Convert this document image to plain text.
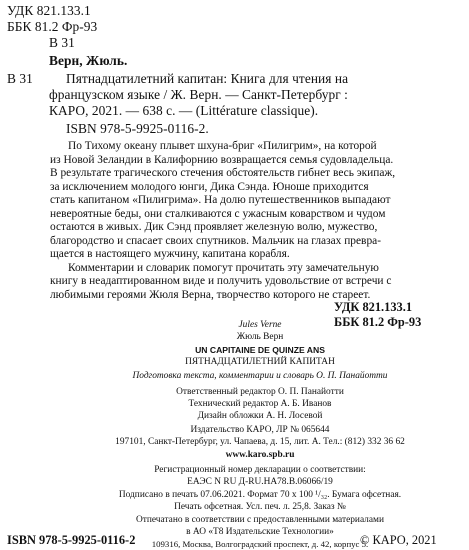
УДК 821.133.1
ББК 81.2 Фр-93
В 31
Верн, Жюль.
В 31 Пятнадцатилетний капитан: Книга для чтения на
французском языке / Ж. Верн. — Санкт-Петербург :
КАРО, 2021. — 638 с. — (Littérature classique).
ISBN 978-5-9925-0116-2.
По Тихому океану плывет шхуна-бриг «Пилигрим», на которой
из Новой Зеландии в Калифорнию возвращается семья судовладельца.
В результате трагического стечения обстоятельств гибнет весь экипаж,
за исключением молодого юнги, Дика Сэнда. Юноше приходится
стать капитаном «Пилигрима». На долю путешественников выпадают
невероятные беды, они сталкиваются с ужасным коварством и чудом
остаются в живых. Дик Сэнд проявляет железную волю, мужество,
благородство и спасает своих спутников. Мальчик на глазах превра-
щается в настоящего мужчину, капитана корабля.
Комментарии и словарик помогут прочитать эту замечательную
книгу в неадаптированном виде и получить удовольствие от встречи с
любимыми героями Жюля Верна, творчество которого не стареет.
УДК 821.133.1
ББК 81.2 Фр-93
Jules Verne
Жюль Верн
UN CAPITAINE DE QUINZE ANS
ПЯТНАДЦАТИЛЕТНИЙ КАПИТАН
Подготовка текста, комментарии и словарь О. П. Панайотти
Ответственный редактор О. П. Панайотти
Технический редактор А. Б. Иванов
Дизайн обложки А. Н. Лосевой
Издательство КАРО, ЛР № 065644
197101, Санкт-Петербург, ул. Чапаева, д. 15, лит. А. Тел.: (812) 332 36 62
www.karo.spb.ru
Регистрационный номер декларации о соответствии:
ЕАЭС N RU Д-RU.HA78.B.06066/19
Подписано в печать 07.06.2021. Формат 70 x 100 ¹/₃₂. Бумага офсетная.
Печать офсетная. Усл. печ. л. 25,8. Заказ №
Отпечатано в соответствии с предоставленными материалами
в АО «Т8 Издательские Технологии»
109316, Москва, Волгоградский проспект, д. 42, корпус 5.
ISBN 978-5-9925-0116-2	© КАРО, 2021
